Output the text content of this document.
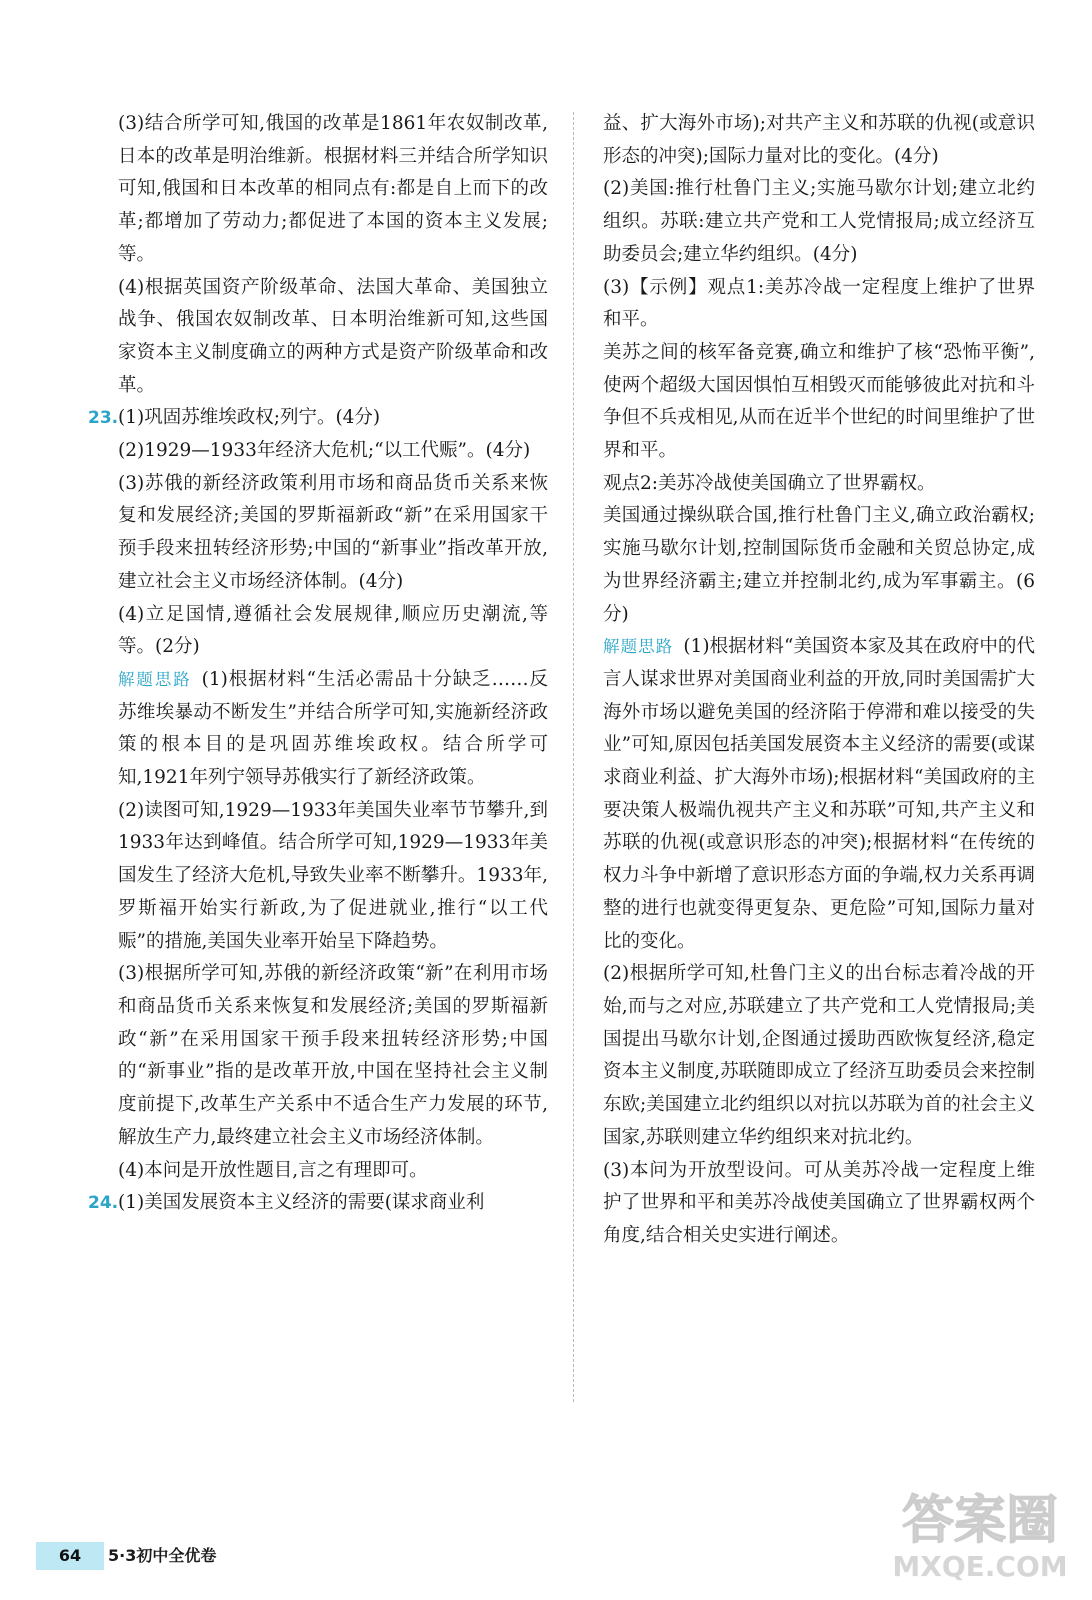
(3)结合所学可知,俄国的改革是1861年农奴制改革,日本的改革是明治维新。根据材料三并结合所学知识可知,俄国和日本改革的相同点有:都是自上而下的改革;都增加了劳动力;都促进了本国的资本主义发展;等。

(4)根据英国资产阶级革命、法国大革命、美国独立战争、俄国农奴制改革、日本明治维新可知,这些国家资本主义制度确立的两种方式是资产阶级革命和改革。

23. (1)巩固苏维埃政权;列宁。(4分)

(2)1929—1933年经济大危机;“以工代赈”。(4分)

(3)苏俄的新经济政策利用市场和商品货币关系来恢复和发展经济;美国的罗斯福新政“新”在采用国家干预手段来扭转经济形势;中国的“新事业”指改革开放,建立社会主义市场经济体制。(4分)

(4)立足国情,遵循社会发展规律,顺应历史潮流,等等。(2分)

解题思路 (1)根据材料“生活必需品十分缺乏……反苏维埃暴动不断发生”并结合所学可知,实施新经济政策的根本目的是巩固苏维埃政权。结合所学可知,1921年列宁领导苏俄实行了新经济政策。

(2)读图可知,1929—1933年美国失业率节节攀升,到1933年达到峰值。结合所学可知,1929—1933年美国发生了经济大危机,导致失业率不断攀升。1933年,罗斯福开始实行新政,为了促进就业,推行“以工代赈”的措施,美国失业率开始呈下降趋势。

(3)根据所学可知,苏俄的新经济政策“新”在利用市场和商品货币关系来恢复和发展经济;美国的罗斯福新政“新”在采用国家干预手段来扭转经济形势;中国的“新事业”指的是改革开放,中国在坚持社会主义制度前提下,改革生产关系中不适合生产力发展的环节,解放生产力,最终建立社会主义市场经济体制。

(4)本问是开放性题目,言之有理即可。

24. (1)美国发展资本主义经济的需要(谋求商业利

益、扩大海外市场);对共产主义和苏联的仇视(或意识形态的冲突);国际力量对比的变化。(4分)

(2)美国:推行杜鲁门主义;实施马歇尔计划;建立北约组织。苏联:建立共产党和工人党情报局;成立经济互助委员会;建立华约组织。(4分)

(3)【示例】观点1:美苏冷战一定程度上维护了世界和平。

美苏之间的核军备竞赛,确立和维护了核“恐怖平衡”,使两个超级大国因惧怕互相毁灭而能够彼此对抗和斗争但不兵戎相见,从而在近半个世纪的时间里维护了世界和平。

观点2:美苏冷战使美国确立了世界霸权。

美国通过操纵联合国,推行杜鲁门主义,确立政治霸权;实施马歇尔计划,控制国际货币金融和关贸总协定,成为世界经济霸主;建立并控制北约,成为军事霸主。(6分)

解题思路 (1)根据材料“美国资本家及其在政府中的代言人谋求世界对美国商业利益的开放,同时美国需扩大海外市场以避免美国的经济陷于停滞和难以接受的失业”可知,原因包括美国发展资本主义经济的需要(或谋求商业利益、扩大海外市场);根据材料“美国政府的主要决策人极端仇视共产主义和苏联”可知,共产主义和苏联的仇视(或意识形态的冲突);根据材料“在传统的权力斗争中新增了意识形态方面的争端,权力关系再调整的进行也就变得更复杂、更危险”可知,国际力量对比的变化。

(2)根据所学可知,杜鲁门主义的出台标志着冷战的开始,而与之对应,苏联建立了共产党和工人党情报局;美国提出马歇尔计划,企图通过援助西欧恢复经济,稳定资本主义制度,苏联随即成立了经济互助委员会来控制东欧;美国建立北约组织以对抗以苏联为首的社会主义国家,苏联则建立华约组织来对抗北约。

(3)本问为开放型设问。可从美苏冷战一定程度上维护了世界和平和美苏冷战使美国确立了世界霸权两个角度,结合相关史实进行阐述。

64	5·3初中全优卷
答案圈
MXQE.COM
